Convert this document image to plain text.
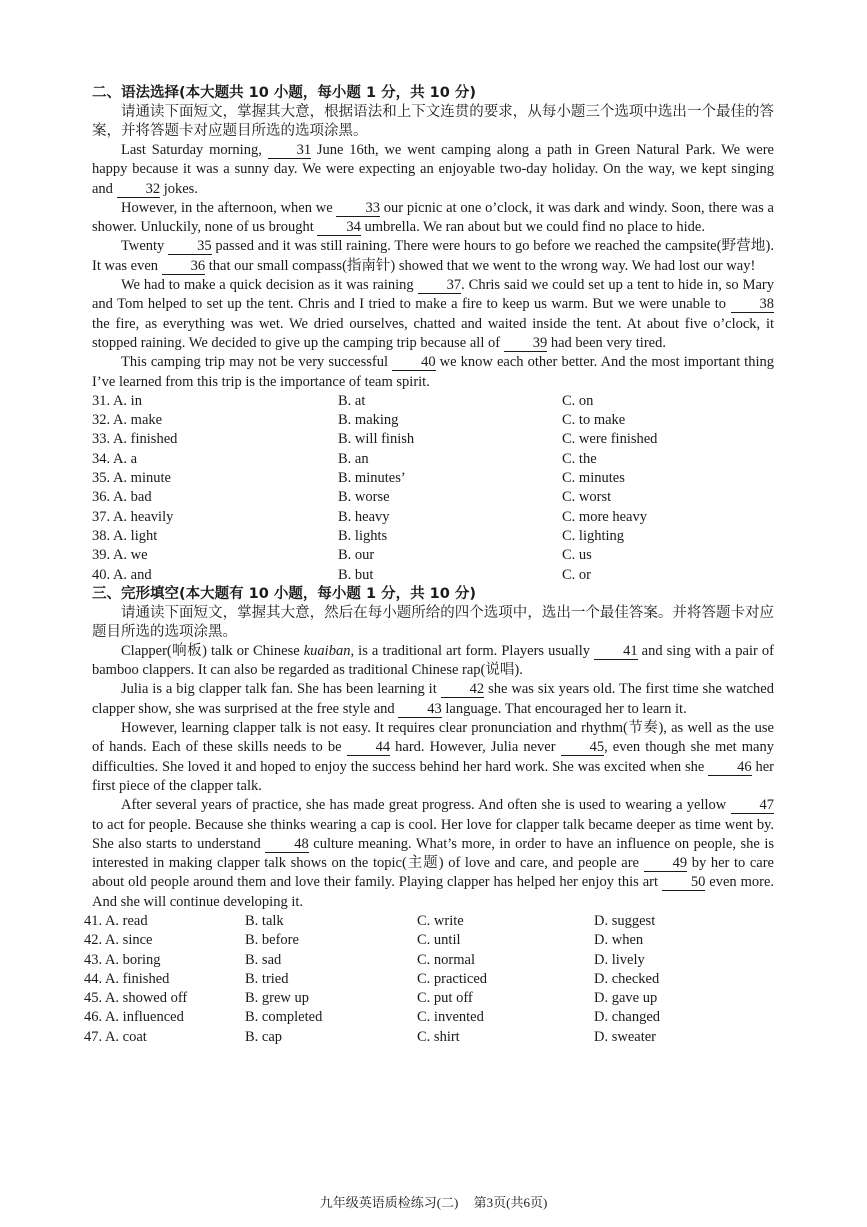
二、语法选择(本大题共 10 小题，每小题 1 分，共 10 分)

请通读下面短文，掌握其大意，根据语法和上下文连贯的要求，从每小题三个选项中选出一个最佳的答案，并将答题卡对应题目所选的选项涂黑。

Last Saturday morning, 31 June 16th, we went camping along a path in Green Natural Park. We were happy because it was a sunny day. We were expecting an enjoyable two-day holiday. On the way, we kept singing and 32 jokes.

However, in the afternoon, when we 33 our picnic at one o’clock, it was dark and windy. Soon, there was a shower. Unluckily, none of us brought 34 umbrella. We ran about but we could find no place to hide.

Twenty 35 passed and it was still raining. There were hours to go before we reached the campsite(野营地). It was even 36 that our small compass(指南针) showed that we went to the wrong way. We had lost our way!

We had to make a quick decision as it was raining 37. Chris said we could set up a tent to hide in, so Mary and Tom helped to set up the tent. Chris and I tried to make a fire to keep us warm. But we were unable to 38 the fire, as everything was wet. We dried ourselves, chatted and waited inside the tent. At about five o’clock, it stopped raining. We decided to give up the camping trip because all of 39 had been very tired.

This camping trip may not be very successful 40 we know each other better. And the most important thing I’ve learned from this trip is the importance of team spirit.

31. A. in	B. at	C. on
32. A. make	B. making	C. to make
33. A. finished	B. will finish	C. were finished
34. A. a	B. an	C. the
35. A. minute	B. minutes’	C. minutes
36. A. bad	B. worse	C. worst
37. A. heavily	B. heavy	C. more heavy
38. A. light	B. lights	C. lighting
39. A. we	B. our	C. us
40. A. and	B. but	C. or

三、完形填空(本大题有 10 小题，每小题 1 分，共 10 分)

请通读下面短文，掌握其大意，然后在每小题所给的四个选项中，选出一个最佳答案。并将答题卡对应题目所选的选项涂黑。

Clapper(响板) talk or Chinese kuaiban, is a traditional art form. Players usually 41 and sing with a pair of bamboo clappers. It can also be regarded as traditional Chinese rap(说唱).

Julia is a big clapper talk fan. She has been learning it 42 she was six years old. The first time she watched clapper show, she was surprised at the free style and 43 language. That encouraged her to learn it.

However, learning clapper talk is not easy. It requires clear pronunciation and rhythm(节奏), as well as the use of hands. Each of these skills needs to be 44 hard. However, Julia never 45, even though she met many difficulties. She loved it and hoped to enjoy the success behind her hard work. She was excited when she 46 her first piece of the clapper talk.

After several years of practice, she has made great progress. And often she is used to wearing a yellow 47 to act for people. Because she thinks wearing a cap is cool. Her love for clapper talk became deeper as time went by. She also starts to understand 48 culture meaning. What’s more, in order to have an influence on people, she is interested in making clapper talk shows on the topic(主题) of love and care, and people are 49 by her to care about old people around them and love their family. Playing clapper has helped her enjoy this art 50 even more. And she will continue developing it.

41. A. read	B. talk	C. write	D. suggest
42. A. since	B. before	C. until	D. when
43. A. boring	B. sad	C. normal	D. lively
44. A. finished	B. tried	C. practiced	D. checked
45. A. showed off	B. grew up	C. put off	D. gave up
46. A. influenced	B. completed	C. invented	D. changed
47. A. coat	B. cap	C. shirt	D. sweater
九年级英语质检练习(二) 第3页(共6页)
